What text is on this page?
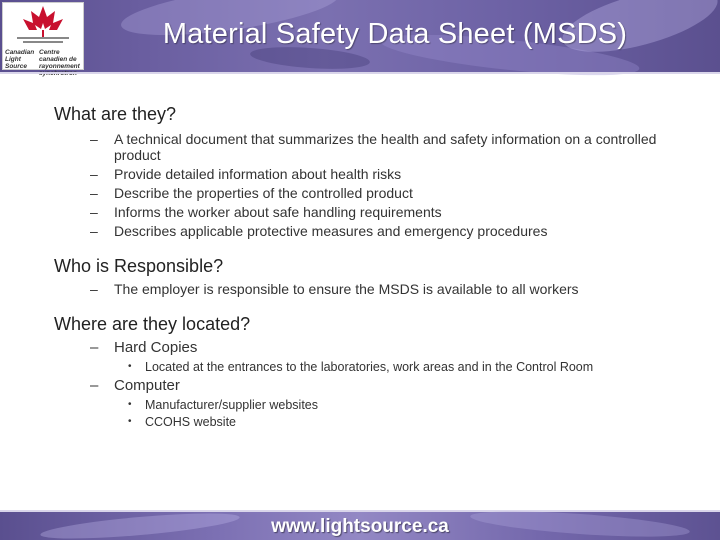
Canadian Light Source
Centre canadien de rayonnement
Material Safety Data Sheet (MSDS)
What are they?
– A technical document that summarizes the health and safety information on a controlled product
– Provide detailed information about health risks
– Describe the properties of the controlled product
– Informs the worker about safe handling requirements
– Describes applicable protective measures and emergency procedures
Who is Responsible?
– The employer is responsible to ensure the MSDS is available to all workers
Where are they located?
– Hard Copies
• Located at the entrances to the laboratories, work areas and in the Control Room
– Computer
• Manufacturer/supplier websites
• CCOHS website
www.lightsource.ca
